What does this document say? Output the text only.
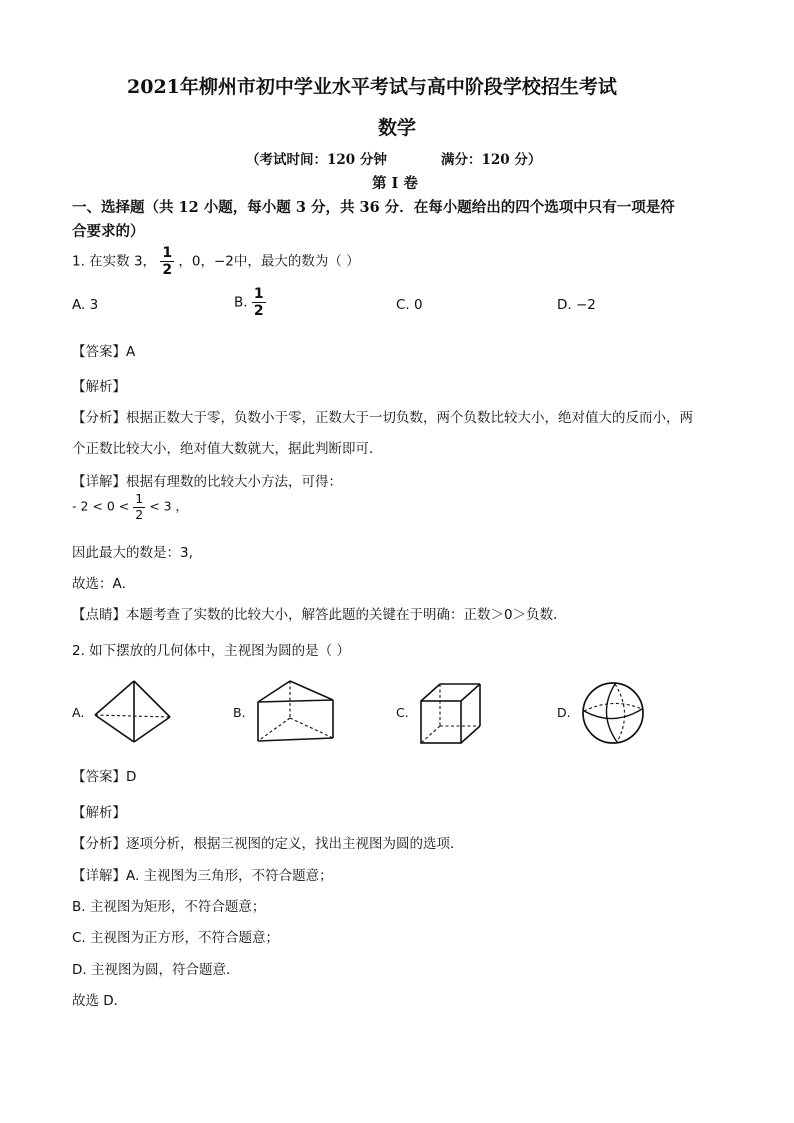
2021年柳州市初中学业水平考试与高中阶段学校招生考试
数学
（考试时间：120 分钟	满分：120 分）
第 I 卷
一、选择题（共 12 小题，每小题 3 分，共 36 分．在每小题给出的四个选项中只有一项是符
合要求的）
1. 在实数 3， $\frac{1}{2}$ ，0，−2中，最大的数为（ ）
A. 3	B. $\frac{1}{2}$	C. 0	D. −2
【答案】A
【解析】
【分析】根据正数大于零，负数小于零，正数大于一切负数，两个负数比较大小，绝对值大的反而小，两
个正数比较大小，绝对值大数就大，据此判断即可．
【详解】根据有理数的比较大小方法，可得：
- $2 < 0 < \frac{1}{2} < 3$ ，
因此最大的数是：3,
故选：A．
【点睛】本题考查了实数的比较大小，解答此题的关键在于明确：正数＞0＞负数．
2. 如下摆放的几何体中，主视图为圆的是（ ）
A.	B.	C.	D.
【答案】D
【解析】
【分析】逐项分析，根据三视图的定义，找出主视图为圆的选项．
【详解】A. 主视图为三角形，不符合题意；
B. 主视图为矩形，不符合题意；
C. 主视图为正方形，不符合题意；
D. 主视图为圆，符合题意．
故选 D．
